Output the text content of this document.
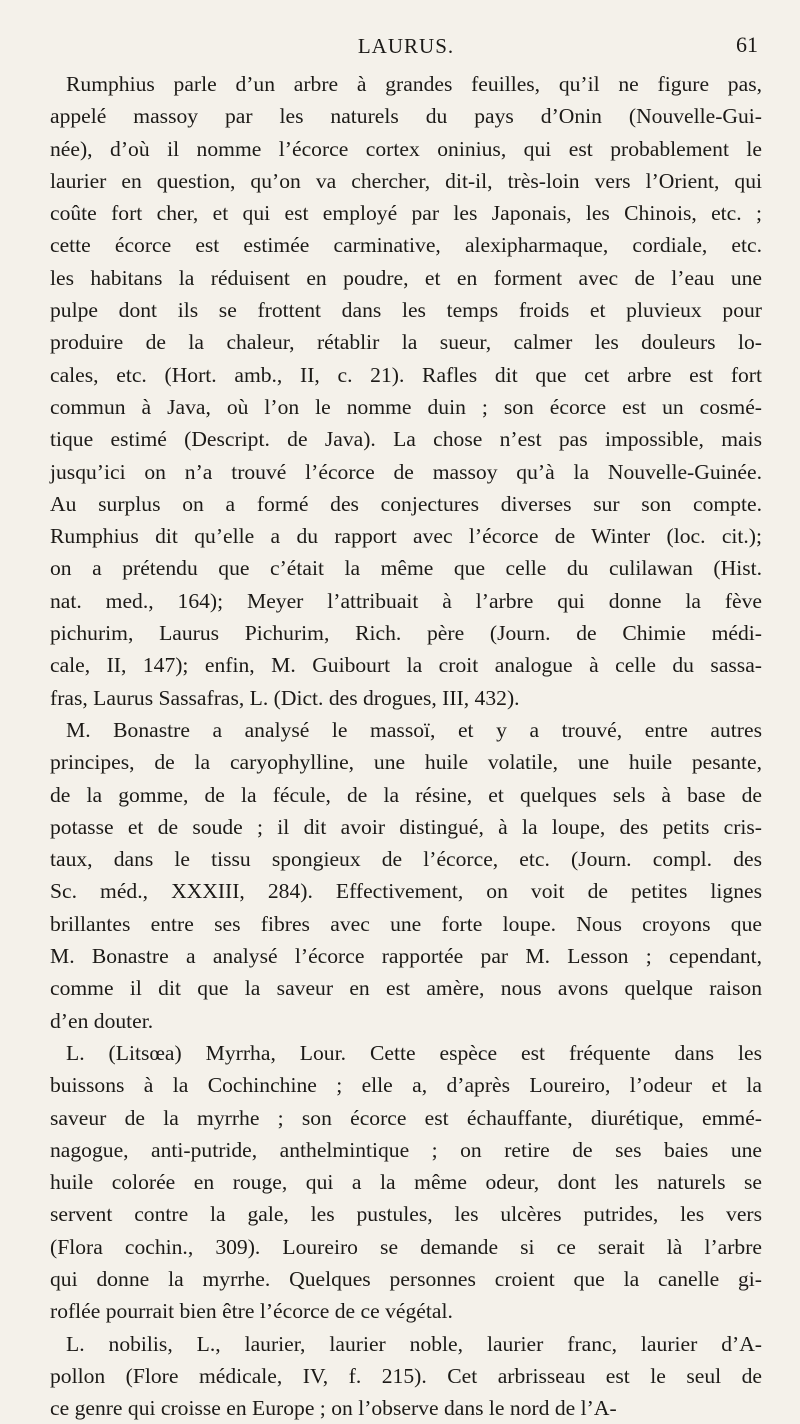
LAURUS.	61

Rumphius parle d’un arbre à grandes feuilles, qu’il ne figure pas,
appelé massoy par les naturels du pays d’Onin (Nouvelle-Gui-
née), d’où il nomme l’écorce cortex oninius, qui est probablement le
laurier en question, qu’on va chercher, dit-il, très-loin vers l’Orient, qui
coûte fort cher, et qui est employé par les Japonais, les Chinois, etc. ;
cette écorce est estimée carminative, alexipharmaque, cordiale, etc.
les habitans la réduisent en poudre, et en forment avec de l’eau une
pulpe dont ils se frottent dans les temps froids et pluvieux pour
produire de la chaleur, rétablir la sueur, calmer les douleurs lo-
cales, etc. (Hort. amb., II, c. 21). Rafles dit que cet arbre est fort
commun à Java, où l’on le nomme duin ; son écorce est un cosmé-
tique estimé (Descript. de Java). La chose n’est pas impossible, mais
jusqu’ici on n’a trouvé l’écorce de massoy qu’à la Nouvelle-Guinée.
Au surplus on a formé des conjectures diverses sur son compte.
Rumphius dit qu’elle a du rapport avec l’écorce de Winter (loc. cit.);
on a prétendu que c’était la même que celle du culilawan (Hist.
nat. med., 164); Meyer l’attribuait à l’arbre qui donne la fève
pichurim, Laurus Pichurim, Rich. père (Journ. de Chimie médi-
cale, II, 147); enfin, M. Guibourt la croit analogue à celle du sassa-
fras, Laurus Sassafras, L. (Dict. des drogues, III, 432).

M. Bonastre a analysé le massoï, et y a trouvé, entre autres
principes, de la caryophylline, une huile volatile, une huile pesante,
de la gomme, de la fécule, de la résine, et quelques sels à base de
potasse et de soude ; il dit avoir distingué, à la loupe, des petits cris-
taux, dans le tissu spongieux de l’écorce, etc. (Journ. compl. des
Sc. méd., XXXIII, 284). Effectivement, on voit de petites lignes
brillantes entre ses fibres avec une forte loupe. Nous croyons que
M. Bonastre a analysé l’écorce rapportée par M. Lesson ; cependant,
comme il dit que la saveur en est amère, nous avons quelque raison
d’en douter.

L. (Litsœa) Myrrha, Lour. Cette espèce est fréquente dans les
buissons à la Cochinchine ; elle a, d’après Loureiro, l’odeur et la
saveur de la myrrhe ; son écorce est échauffante, diurétique, emmé-
nagogue, anti-putride, anthelmintique ; on retire de ses baies une
huile colorée en rouge, qui a la même odeur, dont les naturels se
servent contre la gale, les pustules, les ulcères putrides, les vers
(Flora cochin., 309). Loureiro se demande si ce serait là l’arbre
qui donne la myrrhe. Quelques personnes croient que la canelle gi-
roflée pourrait bien être l’écorce de ce végétal.

L. nobilis, L., laurier, laurier noble, laurier franc, laurier d’A-
pollon (Flore médicale, IV, f. 215). Cet arbrisseau est le seul de
ce genre qui croisse en Europe ; on l’observe dans le nord de l’A-
